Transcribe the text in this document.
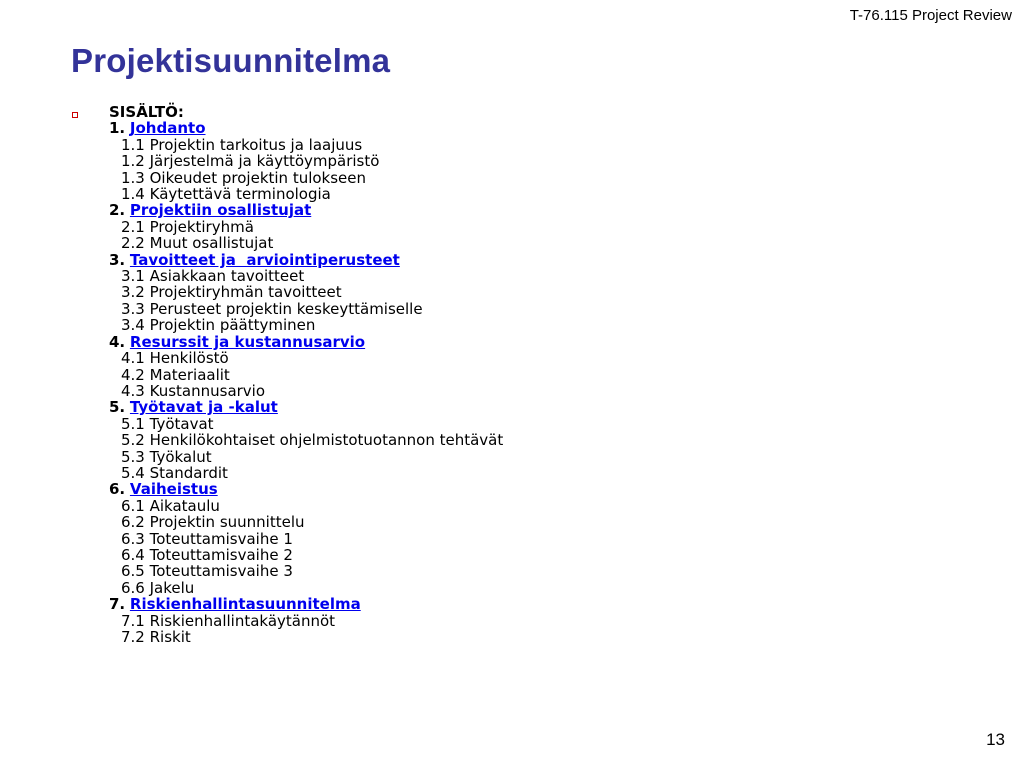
T-76.115 Project Review
Projektisuunnitelma
SISÄLTÖ:
1. Johdanto
1.1 Projektin tarkoitus ja laajuus
1.2 Järjestelmä ja käyttöympäristö
1.3 Oikeudet projektin tulokseen
1.4 Käytettävä terminologia
2. Projektiin osallistujat
2.1 Projektiryhmä
2.2 Muut osallistujat
3. Tavoitteet ja  arviointiperusteet
3.1 Asiakkaan tavoitteet
3.2 Projektiryhmän tavoitteet
3.3 Perusteet projektin keskeyttämiselle
3.4 Projektin päättyminen
4. Resurssit ja kustannusarvio
4.1 Henkilöstö
4.2 Materiaalit
4.3 Kustannusarvio
5. Työtavat ja -kalut
5.1 Työtavat
5.2 Henkilökohtaiset ohjelmistotuotannon tehtävät
5.3 Työkalut
5.4 Standardit
6. Vaiheistus
6.1 Aikataulu
6.2 Projektin suunnittelu
6.3 Toteuttamisvaihe 1
6.4 Toteuttamisvaihe 2
6.5 Toteuttamisvaihe 3
6.6 Jakelu
7. Riskienhallintasuunnitelma
7.1 Riskienhallintakäytännöt
7.2 Riskit
13
